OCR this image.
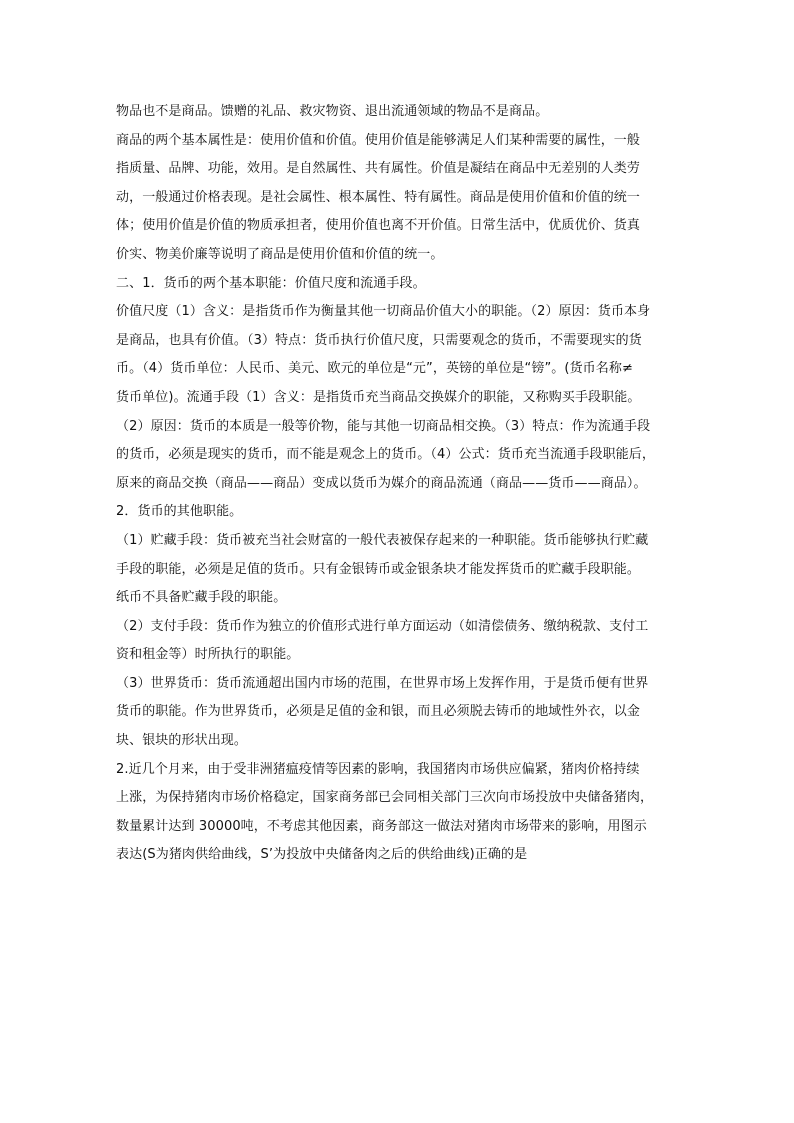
物品也不是商品。馈赠的礼品、救灾物资、退出流通领域的物品不是商品。
商品的两个基本属性是：使用价值和价值。使用价值是能够满足人们某种需要的属性，一般
指质量、品牌、功能，效用。是自然属性、共有属性。价值是凝结在商品中无差别的人类劳
动，一般通过价格表现。是社会属性、根本属性、特有属性。商品是使用价值和价值的统一
体；使用价值是价值的物质承担者，使用价值也离不开价值。日常生活中，优质优价、货真
价实、物美价廉等说明了商品是使用价值和价值的统一。
二、1．货币的两个基本职能：价值尺度和流通手段。
价值尺度（1）含义：是指货币作为衡量其他一切商品价值大小的职能。（2）原因：货币本身
是商品，也具有价值。（3）特点：货币执行价值尺度，只需要观念的货币，不需要现实的货
币。（4）货币单位：人民币、美元、欧元的单位是“元”，英镑的单位是“镑”。(货币名称≠
货币单位)。流通手段（1）含义：是指货币充当商品交换媒介的职能，又称购买手段职能。
（2）原因：货币的本质是一般等价物，能与其他一切商品相交换。（3）特点：作为流通手段
的货币，必须是现实的货币，而不能是观念上的货币。（4）公式：货币充当流通手段职能后，
原来的商品交换（商品——商品）变成以货币为媒介的商品流通（商品——货币——商品）。
2．货币的其他职能。
（1）贮藏手段：货币被充当社会财富的一般代表被保存起来的一种职能。货币能够执行贮藏
手段的职能，必须是足值的货币。只有金银铸币或金银条块才能发挥货币的贮藏手段职能。
纸币不具备贮藏手段的职能。
（2）支付手段：货币作为独立的价值形式进行单方面运动（如清偿债务、缴纳税款、支付工
资和租金等）时所执行的职能。
（3）世界货币：货币流通超出国内市场的范围，在世界市场上发挥作用，于是货币便有世界
货币的职能。作为世界货币，必须是足值的金和银，而且必须脱去铸币的地域性外衣，以金
块、银块的形状出现。
2.近几个月来，由于受非洲猪瘟疫情等因素的影响，我国猪肉市场供应偏紧，猪肉价格持续
上涨，为保持猪肉市场价格稳定，国家商务部已会同相关部门三次向市场投放中央储备猪肉，
数量累计达到 30000吨，不考虑其他因素，商务部这一做法对猪肉市场带来的影响，用图示
表达(S为猪肉供给曲线，S’为投放中央储备肉之后的供给曲线)正确的是
